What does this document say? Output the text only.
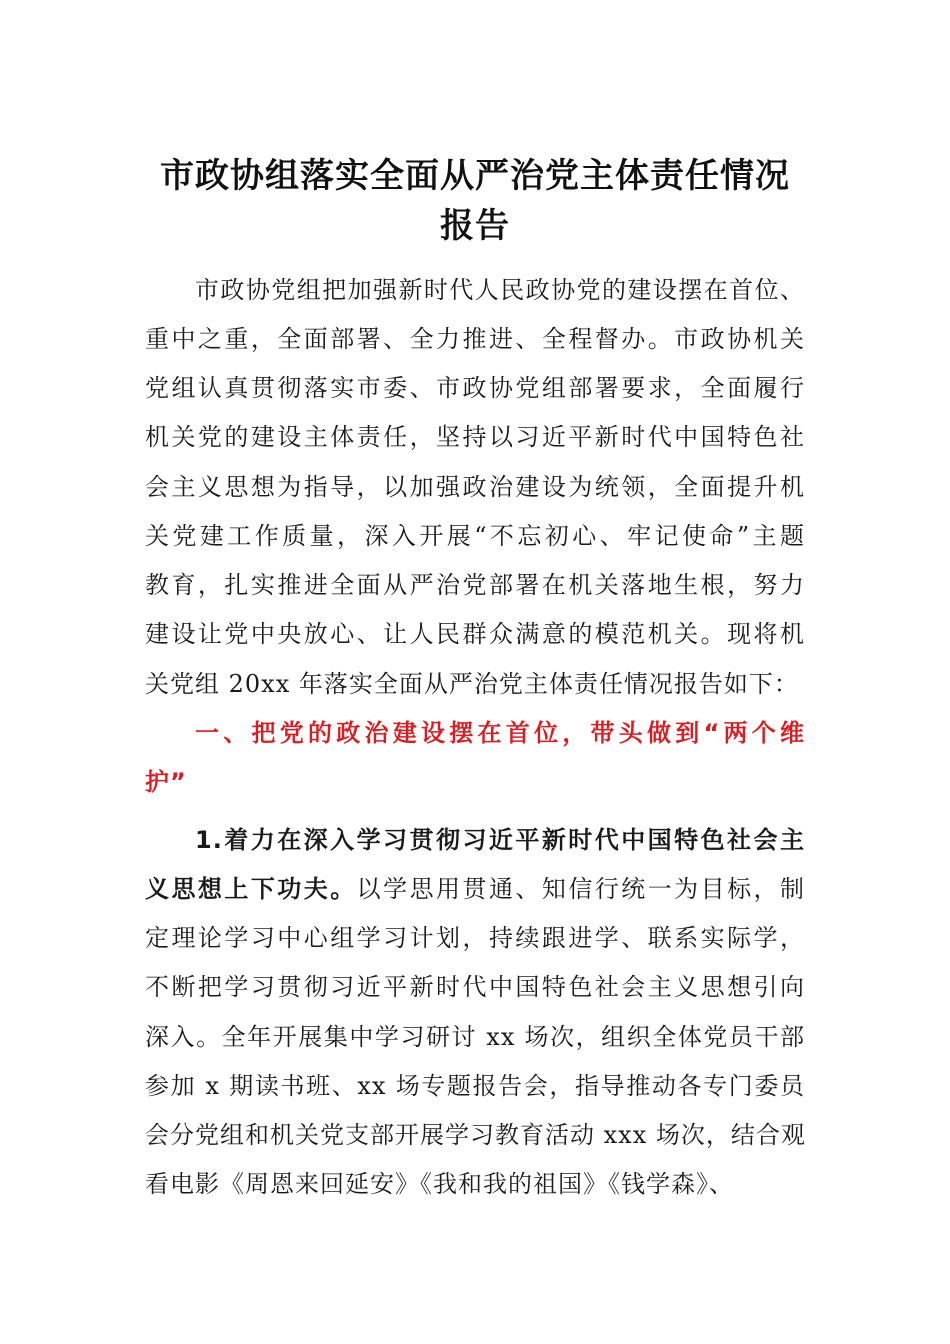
市政协组落实全面从严治党主体责任情况
报告
市政协党组把加强新时代人民政协党的建设摆在首位、
重中之重，全面部署、全力推进、全程督办。市政协机关
党组认真贯彻落实市委、市政协党组部署要求，全面履行
机关党的建设主体责任，坚持以习近平新时代中国特色社
会主义思想为指导，以加强政治建设为统领，全面提升机
关党建工作质量，深入开展“不忘初心、牢记使命”主题
教育，扎实推进全面从严治党部署在机关落地生根，努力
建设让党中央放心、让人民群众满意的模范机关。现将机
关党组 20xx 年落实全面从严治党主体责任情况报告如下：
一、把党的政治建设摆在首位，带头做到“两个维
护”
1.着力在深入学习贯彻习近平新时代中国特色社会主
义思想上下功夫。以学思用贯通、知信行统一为目标，制
定理论学习中心组学习计划，持续跟进学、联系实际学，
不断把学习贯彻习近平新时代中国特色社会主义思想引向
深入。全年开展集中学习研讨 xx 场次，组织全体党员干部
参加 x 期读书班、xx 场专题报告会，指导推动各专门委员
会分党组和机关党支部开展学习教育活动 xxx 场次，结合观
看电影《周恩来回延安》《我和我的祖国》《钱学森》、
